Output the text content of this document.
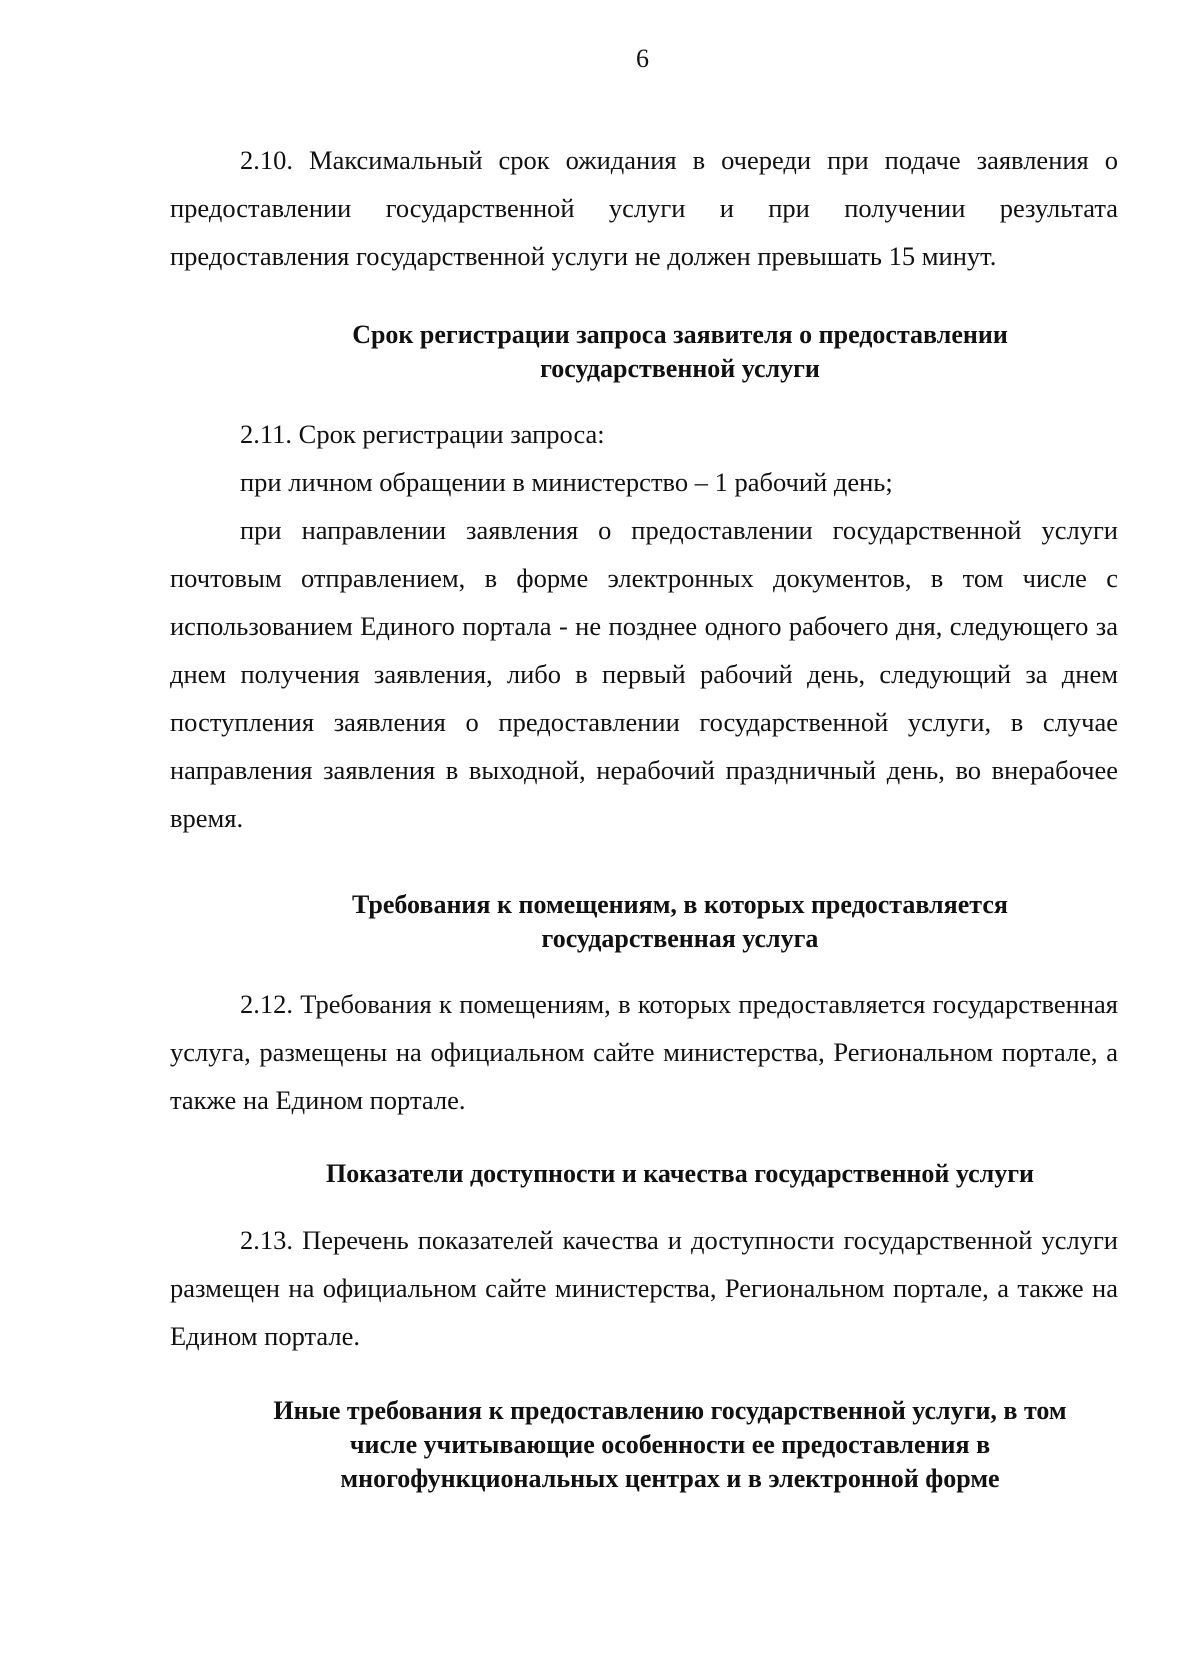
6

2.10. Максимальный срок ожидания в очереди при подаче заявления о предоставлении государственной услуги и при получении результата предоставления государственной услуги не должен превышать 15 минут.

Срок регистрации запроса заявителя о предоставлении
государственной услуги

2.11. Срок регистрации запроса:

при личном обращении в министерство – 1 рабочий день;

при направлении заявления о предоставлении государственной услуги почтовым отправлением, в форме электронных документов, в том числе с использованием Единого портала - не позднее одного рабочего дня, следующего за днем получения заявления, либо в первый рабочий день, следующий за днем поступления заявления о предоставлении государственной услуги, в случае направления заявления в выходной, нерабочий праздничный день, во внерабочее время.

Требования к помещениям, в которых предоставляется
государственная услуга

2.12. Требования к помещениям, в которых предоставляется государственная услуга, размещены на официальном сайте министерства, Региональном портале, а также на Едином портале.

Показатели доступности и качества государственной услуги

2.13. Перечень показателей качества и доступности государственной услуги размещен на официальном сайте министерства, Региональном портале, а также на Едином портале.

Иные требования к предоставлению государственной услуги, в том
числе учитывающие особенности ее предоставления в
многофункциональных центрах и в электронной форме
